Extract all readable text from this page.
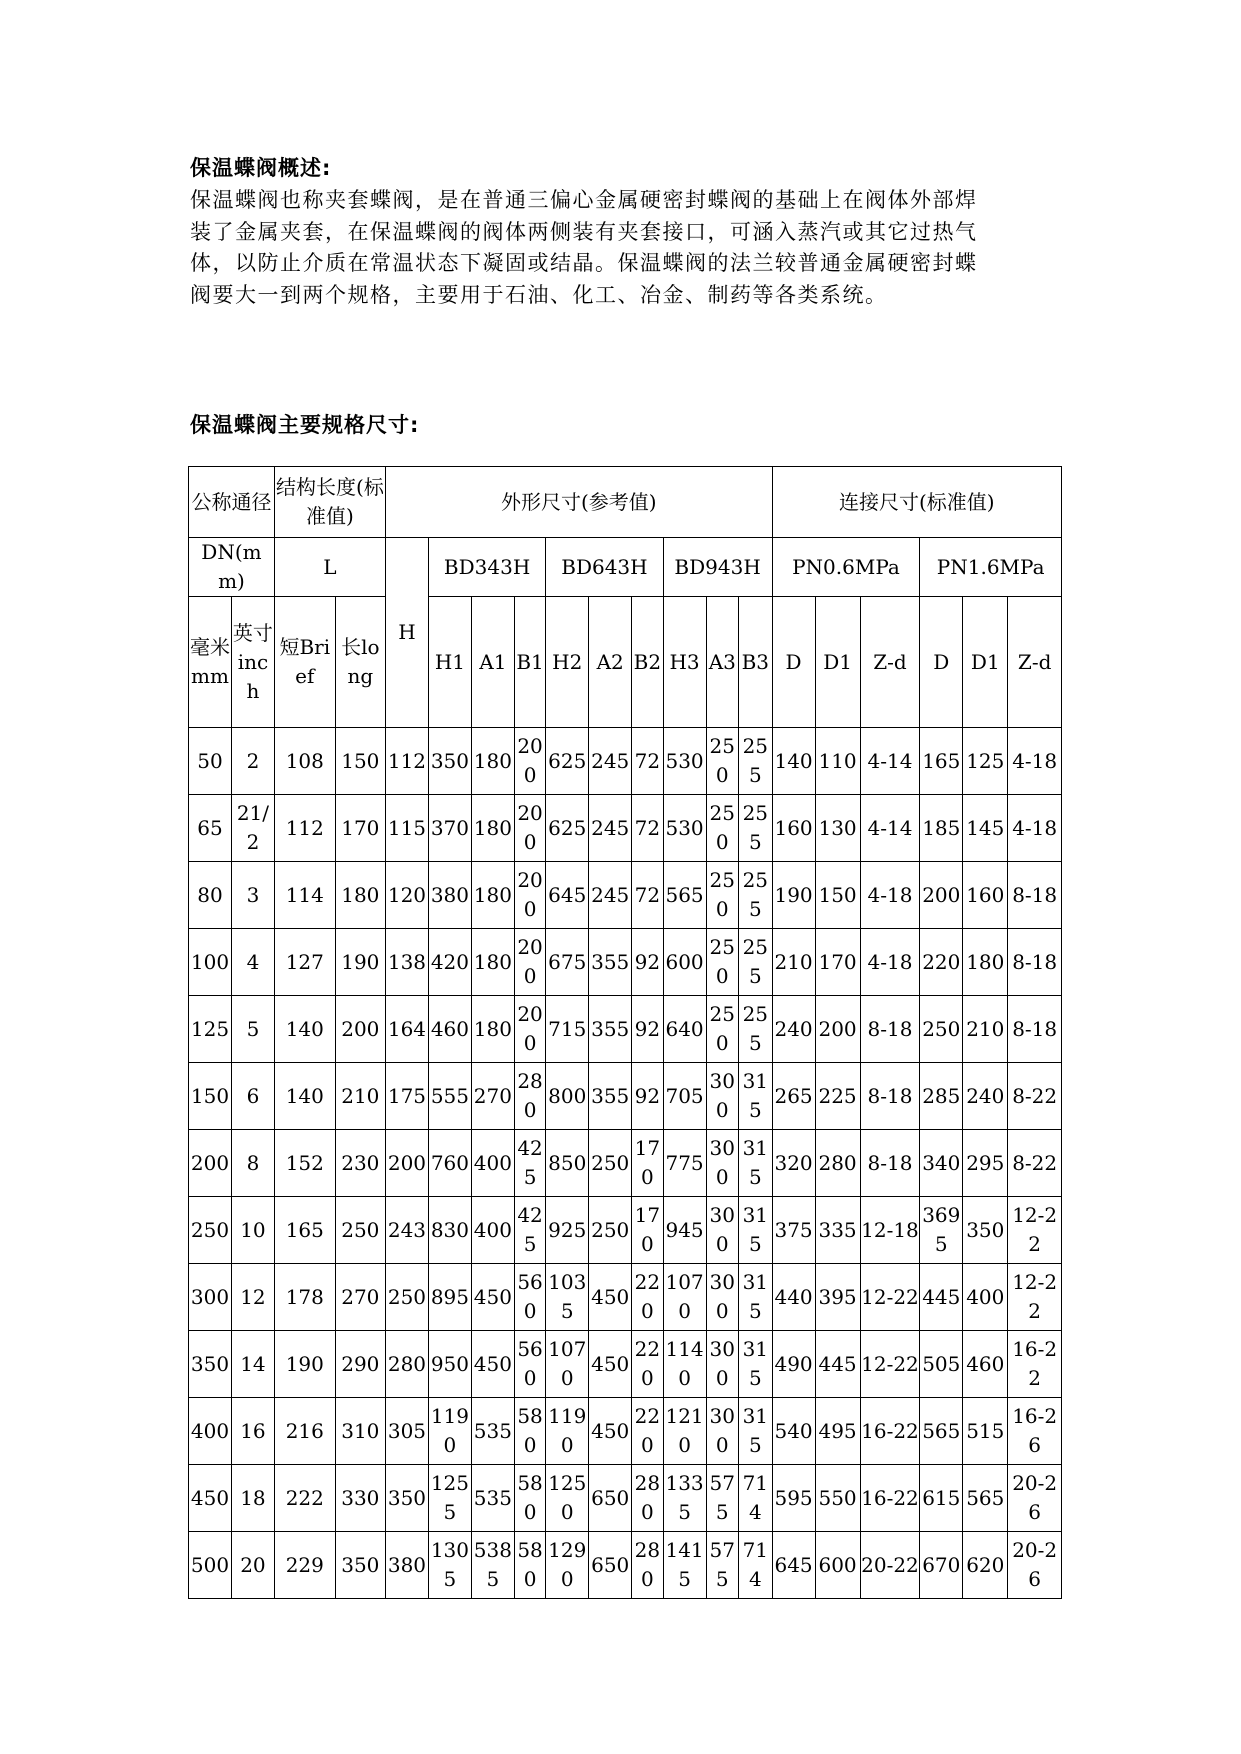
保温蝶阀概述:
保温蝶阀也称夹套蝶阀，是在普通三偏心金属硬密封蝶阀的基础上在阀体外部焊
装了金属夹套，在保温蝶阀的阀体两侧装有夹套接口，可涵入蒸汽或其它过热气
体，以防止介质在常温状态下凝固或结晶。保温蝶阀的法兰较普通金属硬密封蝶
阀要大一到两个规格，主要用于石油、化工、冶金、制药等各类系统。
保温蝶阀主要规格尺寸:
公称通径		结构长度(标准值)		外形尺寸(参考值)										连接尺寸(标准值)					
DN(mm)		L		H	BD343H			BD643H			BD943H			PN0.6MPa			PN1.6MPa		
毫米mm	英寸inch	短Brief	长long		H1	A1	B1	H2	A2	B2	H3	A3	B3	D	D1	Z-d	D	D1	Z-d
50	2	108	150	112	350	180	200	625	245	72	530	250	255	140	110	4-14	165	125	4-18
65	21/2	112	170	115	370	180	200	625	245	72	530	250	255	160	130	4-14	185	145	4-18
80	3	114	180	120	380	180	200	645	245	72	565	250	255	190	150	4-18	200	160	8-18
100	4	127	190	138	420	180	200	675	355	92	600	250	255	210	170	4-18	220	180	8-18
125	5	140	200	164	460	180	200	715	355	92	640	250	255	240	200	8-18	250	210	8-18
150	6	140	210	175	555	270	280	800	355	92	705	300	315	265	225	8-18	285	240	8-22
200	8	152	230	200	760	400	425	850	250	170	775	300	315	320	280	8-18	340	295	8-22
250	10	165	250	243	830	400	425	925	250	170	945	300	315	375	335	12-18	3695	350	12-22
300	12	178	270	250	895	450	560	1035	450	220	1070	300	315	440	395	12-22	445	400	12-22
350	14	190	290	280	950	450	560	1070	450	220	1140	300	315	490	445	12-22	505	460	16-22
400	16	216	310	305	1190	535	580	1190	450	220	1210	300	315	540	495	16-22	565	515	16-26
450	18	222	330	350	1255	535	580	1250	650	280	1335	575	714	595	550	16-22	615	565	20-26
500	20	229	350	380	1305	5385	580	1290	650	280	1415	575	714	645	600	20-22	670	620	20-26
